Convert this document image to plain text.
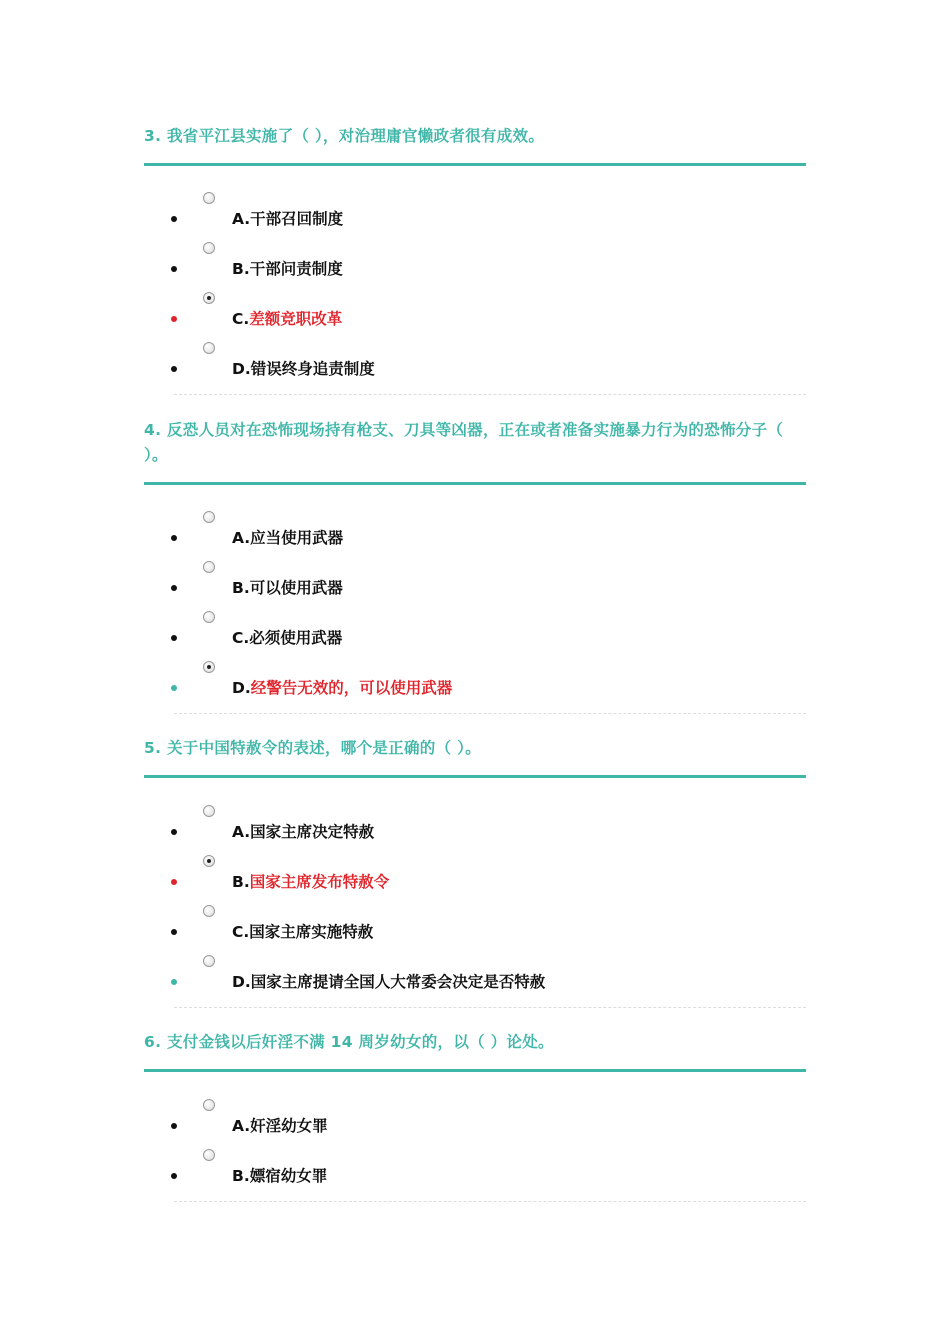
3. 我省平江县实施了（ ），对治理庸官懒政者很有成效。
A.干部召回制度
B.干部问责制度
C.差额竞职改革
D.错误终身追责制度
4. 反恐人员对在恐怖现场持有枪支、刀具等凶器，正在或者准备实施暴力行为的恐怖分子（ ）。
A.应当使用武器
B.可以使用武器
C.必须使用武器
D.经警告无效的，可以使用武器
5. 关于中国特赦令的表述，哪个是正确的（ ）。
A.国家主席决定特赦
B.国家主席发布特赦令
C.国家主席实施特赦
D.国家主席提请全国人大常委会决定是否特赦
6. 支付金钱以后奸淫不满 14 周岁幼女的，以（ ）论处。
A.奸淫幼女罪
B.嫖宿幼女罪
